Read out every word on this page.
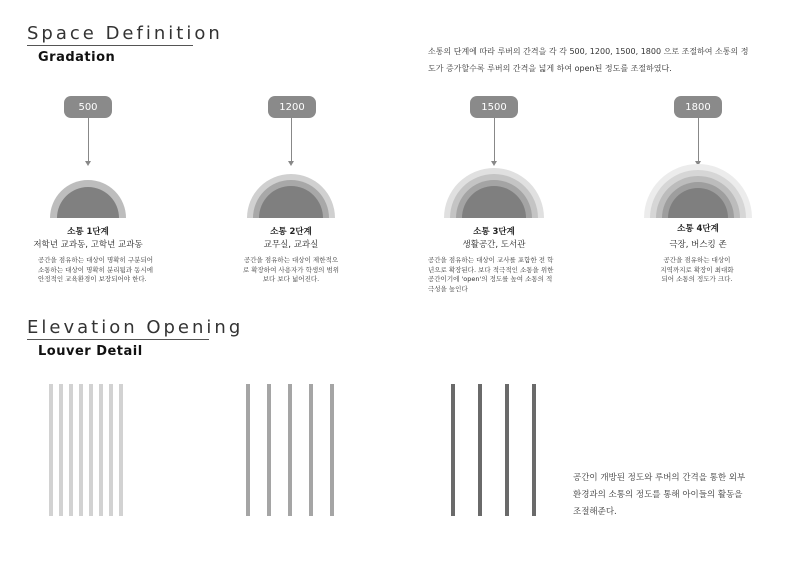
Space Definition
Gradation	소통의 단계에 따라 루버의 간격을 각 각 500, 1200, 1500, 1800 으로 조절하여 소통의 정
도가 증가할수록 루버의 간격을 넓게 하여 open된 정도를 조절하였다.
500
소통 1단계
저학년 교과동, 고학년 교과동
공간을 점유하는 대상이 명확히 구분되어
소통하는 대상이 명확히 분리됨과 동시에
안정적인 교육환경이 보장되어야 한다.
1200
소통 2단계
교무실, 교과실
공간을 점유하는 대상이 제한적으
로 확장하여 사용자가 학생의 범위
보다 보다 넓어진다.
1500
소통 3단계
생활공간, 도서관
공간을 점유하는 대상이 교사를 포함한 전 학
년으로 확장된다. 보다 적극적인 소통을 위한
공간이기에 'open'의 정도를 높여 소통의 적
극성을 높인다
1800
소통 4단계
극장, 버스킹 존
공간을 점유하는 대상이
지역까지로 확장이 최대화
되어 소통의 정도가 크다.
Elevation Opening
Louver Detail
공간이 개방된 정도와 루버의 간격을 통한 외부
환경과의 소통의 정도를 통해 아이들의 활동을
조절해준다.
